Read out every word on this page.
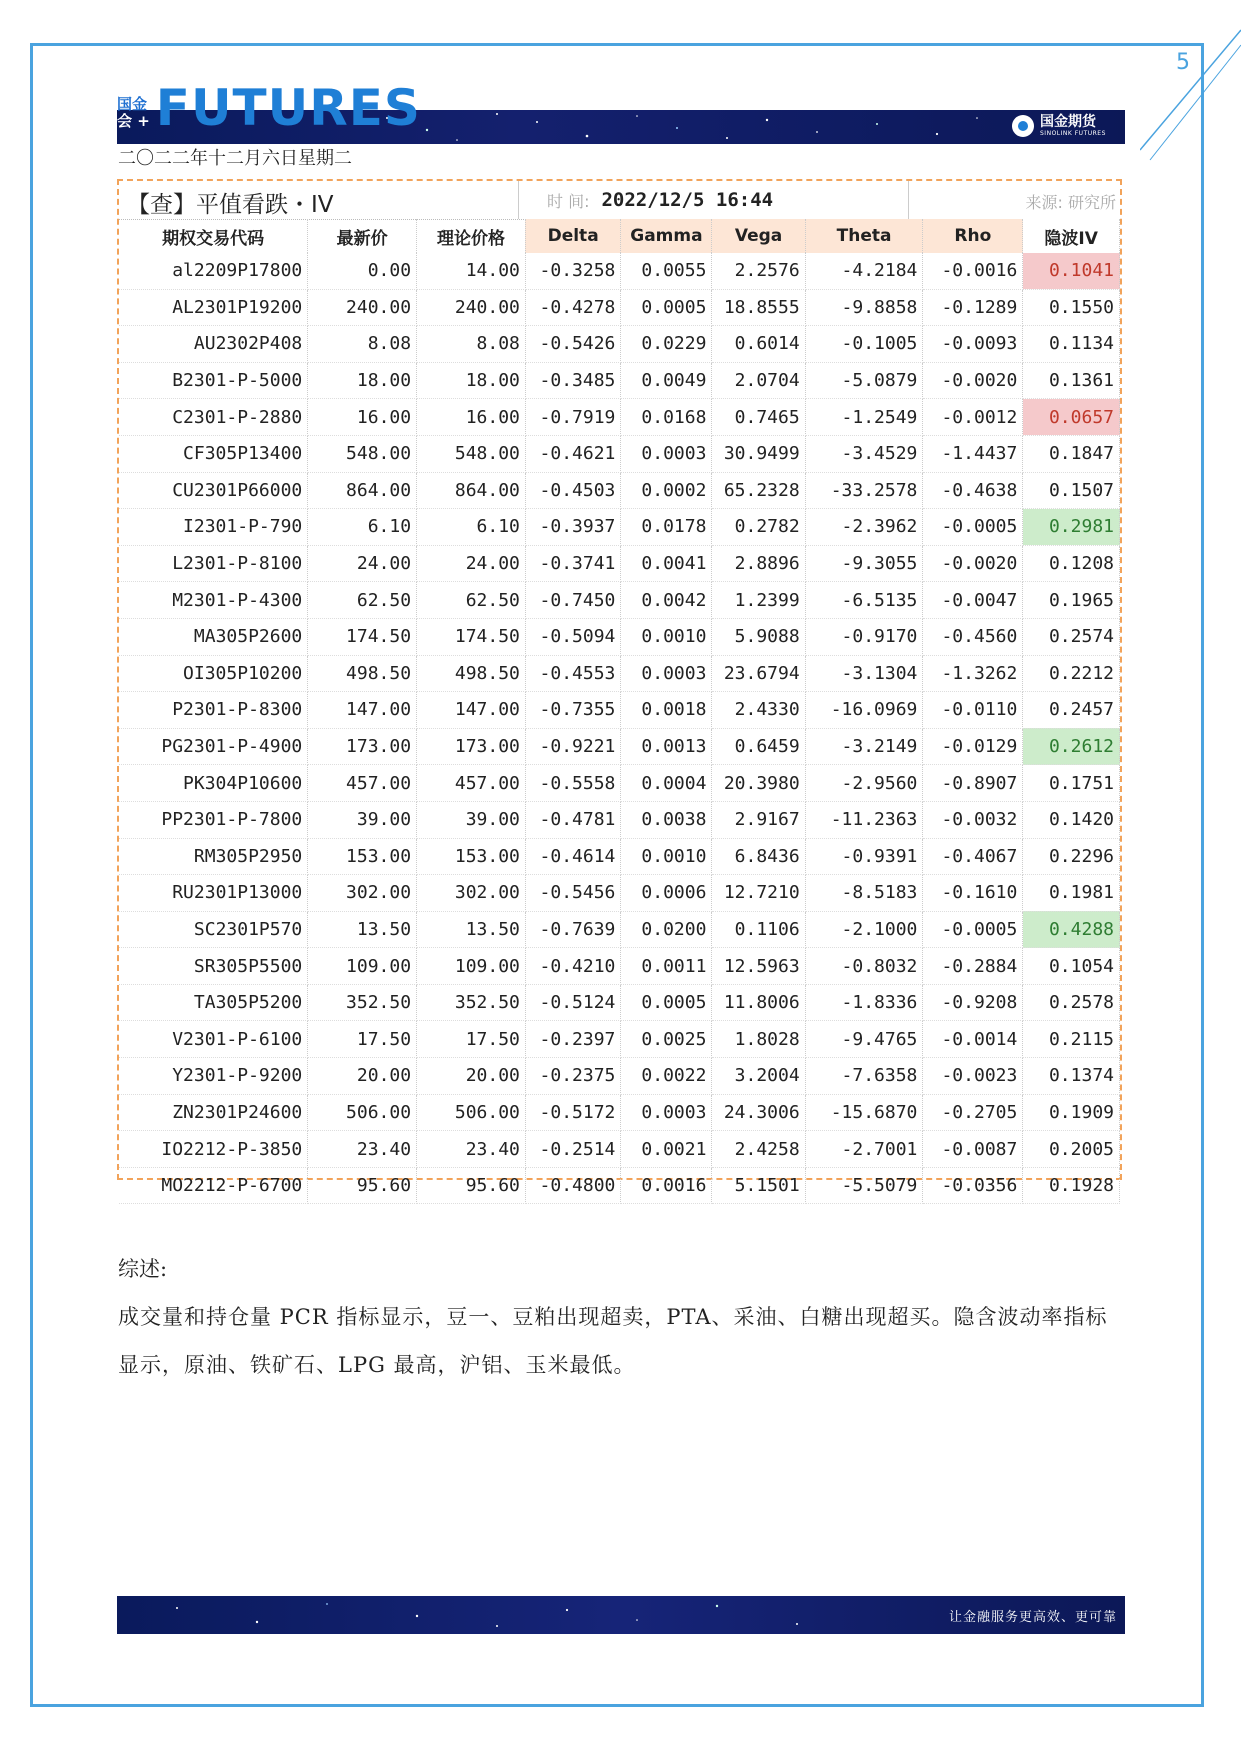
5
国金
会 + FUTURES	国金期货
SINOLINK FUTURES
二〇二二年十二月六日星期二
【查】平值看跌・IV	时 间: 2022/12/5 16:44	来源: 研究所
期权交易代码	最新价	理论价格	Delta	Gamma	Vega	Theta	Rho	隐波IV
al2209P17800	0.00	14.00	-0.3258	0.0055	2.2576	-4.2184	-0.0016	0.1041
AL2301P19200	240.00	240.00	-0.4278	0.0005	18.8555	-9.8858	-0.1289	0.1550
AU2302P408	8.08	8.08	-0.5426	0.0229	0.6014	-0.1005	-0.0093	0.1134
B2301-P-5000	18.00	18.00	-0.3485	0.0049	2.0704	-5.0879	-0.0020	0.1361
C2301-P-2880	16.00	16.00	-0.7919	0.0168	0.7465	-1.2549	-0.0012	0.0657
CF305P13400	548.00	548.00	-0.4621	0.0003	30.9499	-3.4529	-1.4437	0.1847
CU2301P66000	864.00	864.00	-0.4503	0.0002	65.2328	-33.2578	-0.4638	0.1507
I2301-P-790	6.10	6.10	-0.3937	0.0178	0.2782	-2.3962	-0.0005	0.2981
L2301-P-8100	24.00	24.00	-0.3741	0.0041	2.8896	-9.3055	-0.0020	0.1208
M2301-P-4300	62.50	62.50	-0.7450	0.0042	1.2399	-6.5135	-0.0047	0.1965
MA305P2600	174.50	174.50	-0.5094	0.0010	5.9088	-0.9170	-0.4560	0.2574
OI305P10200	498.50	498.50	-0.4553	0.0003	23.6794	-3.1304	-1.3262	0.2212
P2301-P-8300	147.00	147.00	-0.7355	0.0018	2.4330	-16.0969	-0.0110	0.2457
PG2301-P-4900	173.00	173.00	-0.9221	0.0013	0.6459	-3.2149	-0.0129	0.2612
PK304P10600	457.00	457.00	-0.5558	0.0004	20.3980	-2.9560	-0.8907	0.1751
PP2301-P-7800	39.00	39.00	-0.4781	0.0038	2.9167	-11.2363	-0.0032	0.1420
RM305P2950	153.00	153.00	-0.4614	0.0010	6.8436	-0.9391	-0.4067	0.2296
RU2301P13000	302.00	302.00	-0.5456	0.0006	12.7210	-8.5183	-0.1610	0.1981
SC2301P570	13.50	13.50	-0.7639	0.0200	0.1106	-2.1000	-0.0005	0.4288
SR305P5500	109.00	109.00	-0.4210	0.0011	12.5963	-0.8032	-0.2884	0.1054
TA305P5200	352.50	352.50	-0.5124	0.0005	11.8006	-1.8336	-0.9208	0.2578
V2301-P-6100	17.50	17.50	-0.2397	0.0025	1.8028	-9.4765	-0.0014	0.2115
Y2301-P-9200	20.00	20.00	-0.2375	0.0022	3.2004	-7.6358	-0.0023	0.1374
ZN2301P24600	506.00	506.00	-0.5172	0.0003	24.3006	-15.6870	-0.2705	0.1909
IO2212-P-3850	23.40	23.40	-0.2514	0.0021	2.4258	-2.7001	-0.0087	0.2005
MO2212-P-6700	95.60	95.60	-0.4800	0.0016	5.1501	-5.5079	-0.0356	0.1928
综述:
成交量和持仓量 PCR 指标显示，豆一、豆粕出现超卖，PTA、采油、白糖出现超买。隐含波动率指标显示，原油、铁矿石、LPG 最高，沪铝、玉米最低。
让金融服务更高效、更可靠
